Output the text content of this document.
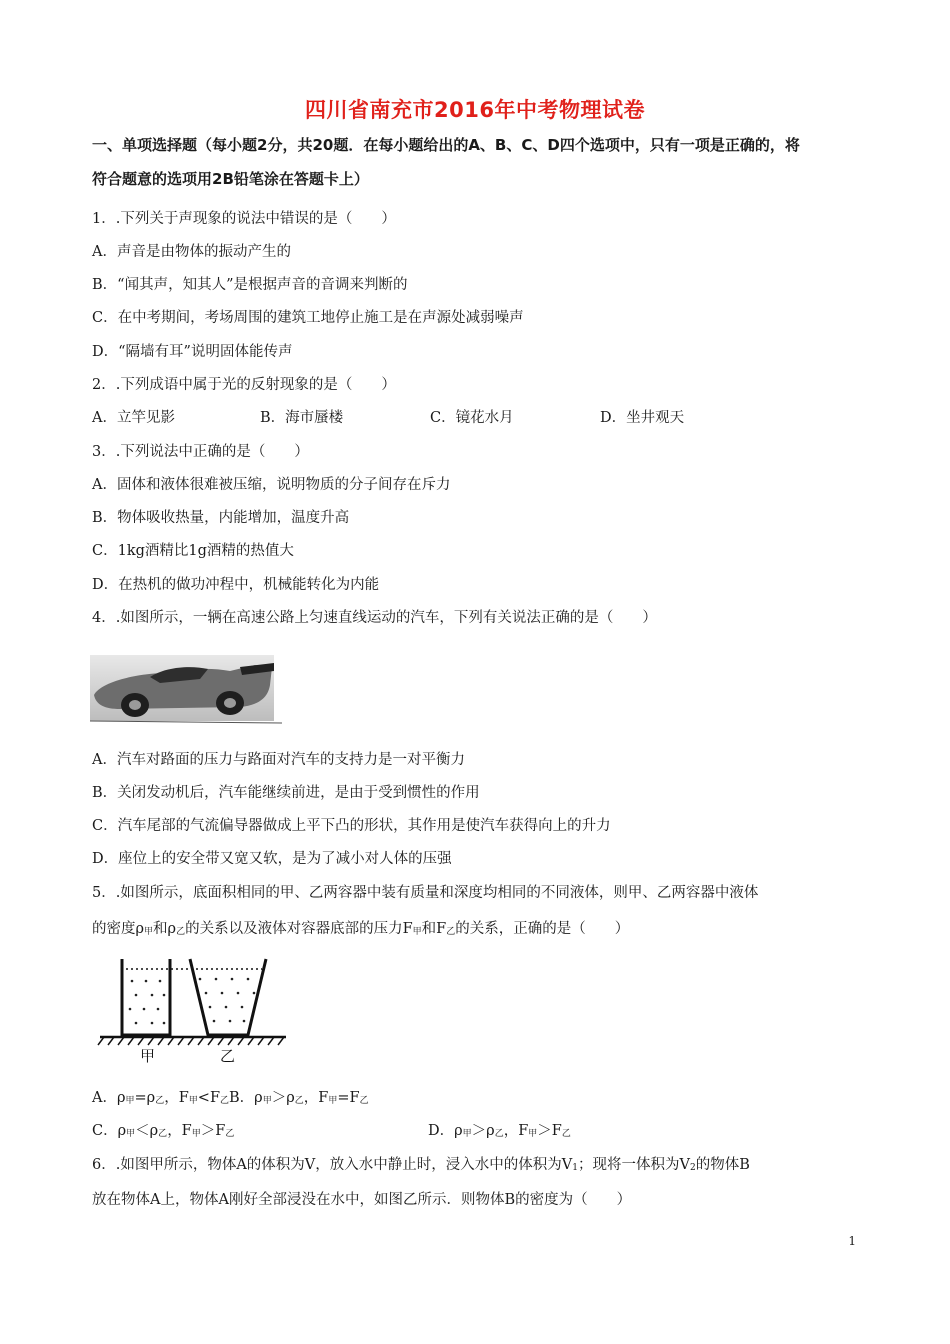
四川省南充市2016年中考物理试卷
一、单项选择题（每小题2分，共20题．在每小题给出的A、B、C、D四个选项中，只有一项是正确的，将
符合题意的选项用2B铅笔涂在答题卡上）
1．.下列关于声现象的说法中错误的是（　　）
A．声音是由物体的振动产生的
B．“闻其声，知其人”是根据声音的音调来判断的
C．在中考期间，考场周围的建筑工地停止施工是在声源处减弱噪声
D．“隔墙有耳”说明固体能传声
2．.下列成语中属于光的反射现象的是（　　）
A．立竿见影	B．海市蜃楼	C．镜花水月	D．坐井观天
3．.下列说法中正确的是（　　）
A．固体和液体很难被压缩，说明物质的分子间存在斥力
B．物体吸收热量，内能增加，温度升高
C．1kg酒精比1g酒精的热值大
D．在热机的做功冲程中，机械能转化为内能
4．.如图所示，一辆在高速公路上匀速直线运动的汽车，下列有关说法正确的是（　　）
A．汽车对路面的压力与路面对汽车的支持力是一对平衡力
B．关闭发动机后，汽车能继续前进，是由于受到惯性的作用
C．汽车尾部的气流偏导器做成上平下凸的形状，其作用是使汽车获得向上的升力
D．座位上的安全带又宽又软，是为了减小对人体的压强
5．.如图所示，底面积相同的甲、乙两容器中装有质量和深度均相同的不同液体，则甲、乙两容器中液体
的密度ρ甲和ρ乙的关系以及液体对容器底部的压力F甲和F乙的关系，正确的是（　　）
甲	乙
A．ρ甲=ρ乙，F甲<F乙B．ρ甲＞ρ乙，F甲=F乙
C．ρ甲＜ρ乙，F甲＞F乙	D．ρ甲＞ρ乙，F甲＞F乙
6．.如图甲所示，物体A的体积为V，放入水中静止时，浸入水中的体积为V1；现将一体积为V2的物体B
放在物体A上，物体A刚好全部浸没在水中，如图乙所示．则物体B的密度为（　　）
1
